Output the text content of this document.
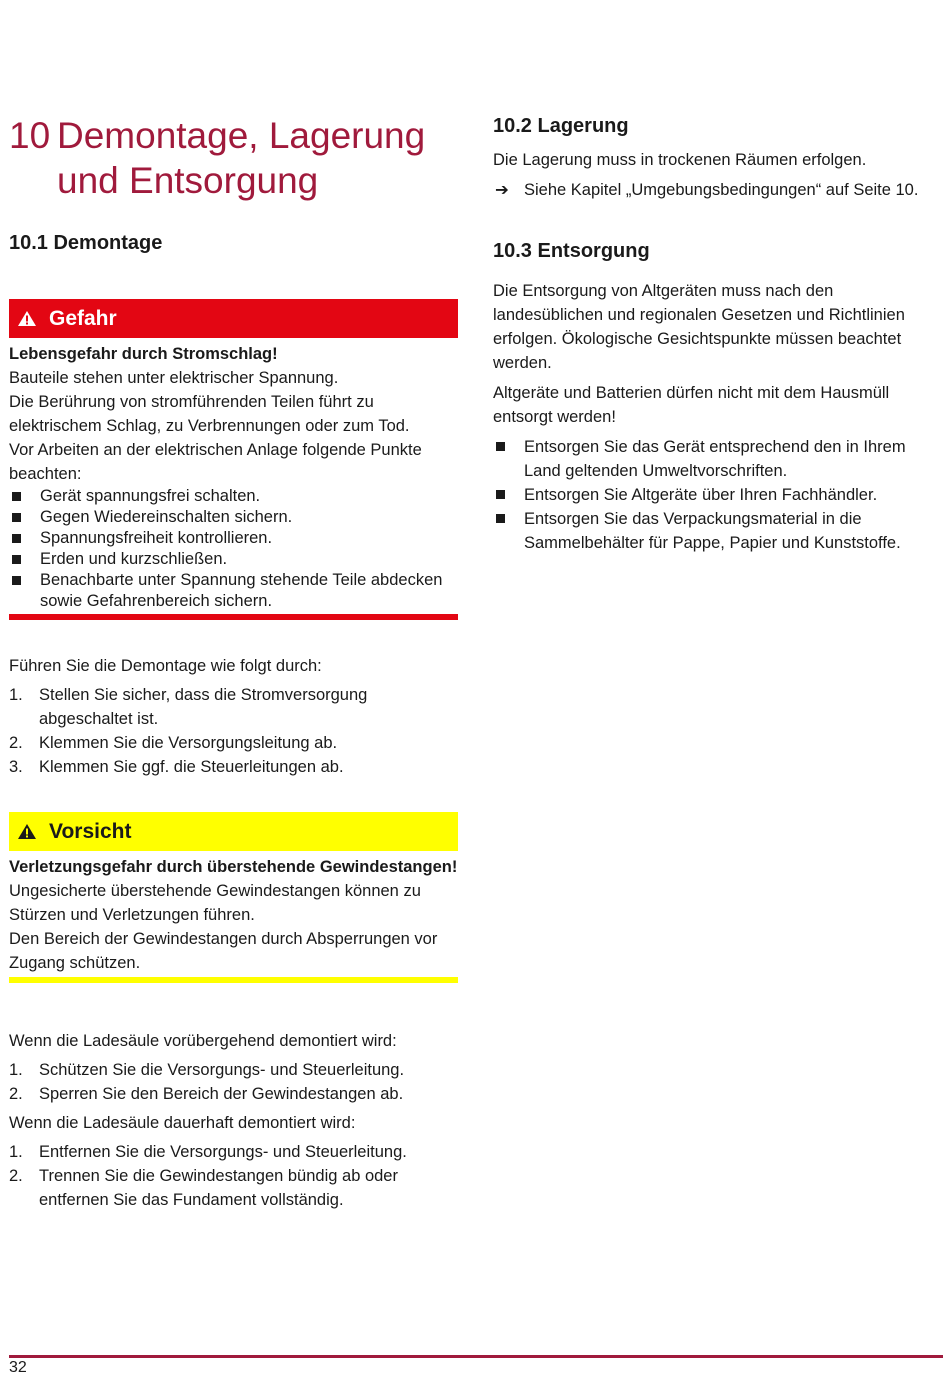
10 Demontage, Lagerung
und Entsorgung
10.1 Demontage
Gefahr
Lebensgefahr durch Stromschlag!
Bauteile stehen unter elektrischer Spannung.
Die Berührung von stromführenden Teilen führt zu elektrischem Schlag, zu Verbrennungen oder zum Tod.
Vor Arbeiten an der elektrischen Anlage folgende Punkte beachten:
Gerät spannungsfrei schalten.
Gegen Wiedereinschalten sichern.
Spannungsfreiheit kontrollieren.
Erden und kurzschließen.
Benachbarte unter Spannung stehende Teile abdecken sowie Gefahrenbereich sichern.

Führen Sie die Demontage wie folgt durch:

1. Stellen Sie sicher, dass die Stromversorgung abgeschaltet ist.
2. Klemmen Sie die Versorgungsleitung ab.
3. Klemmen Sie ggf. die Steuerleitungen ab.
Vorsicht
Verletzungsgefahr durch überstehende Gewindestangen!
Ungesicherte überstehende Gewindestangen können zu Stürzen und Verletzungen führen.
Den Bereich der Gewindestangen durch Absperrungen vor Zugang schützen.

Wenn die Ladesäule vorübergehend demontiert wird:

1. Schützen Sie die Versorgungs- und Steuerleitung.
2. Sperren Sie den Bereich der Gewindestangen ab.

Wenn die Ladesäule dauerhaft demontiert wird:

1. Entfernen Sie die Versorgungs- und Steuerleitung.
2. Trennen Sie die Gewindestangen bündig ab oder entfernen Sie das Fundament vollständig.
10.2 Lagerung

Die Lagerung muss in trockenen Räumen erfolgen.

➔ Siehe Kapitel „Umgebungsbedingungen“ auf Seite 10.
10.3 Entsorgung

Die Entsorgung von Altgeräten muss nach den landesüblichen und regionalen Gesetzen und Richtlinien erfolgen. Ökologische Gesichtspunkte müssen beachtet werden.

Altgeräte und Batterien dürfen nicht mit dem Hausmüll entsorgt werden!

Entsorgen Sie das Gerät entsprechend den in Ihrem Land geltenden Umweltvorschriften.
Entsorgen Sie Altgeräte über Ihren Fachhändler.
Entsorgen Sie das Verpackungsmaterial in die Sammelbehälter für Pappe, Papier und Kunststoffe.
32
